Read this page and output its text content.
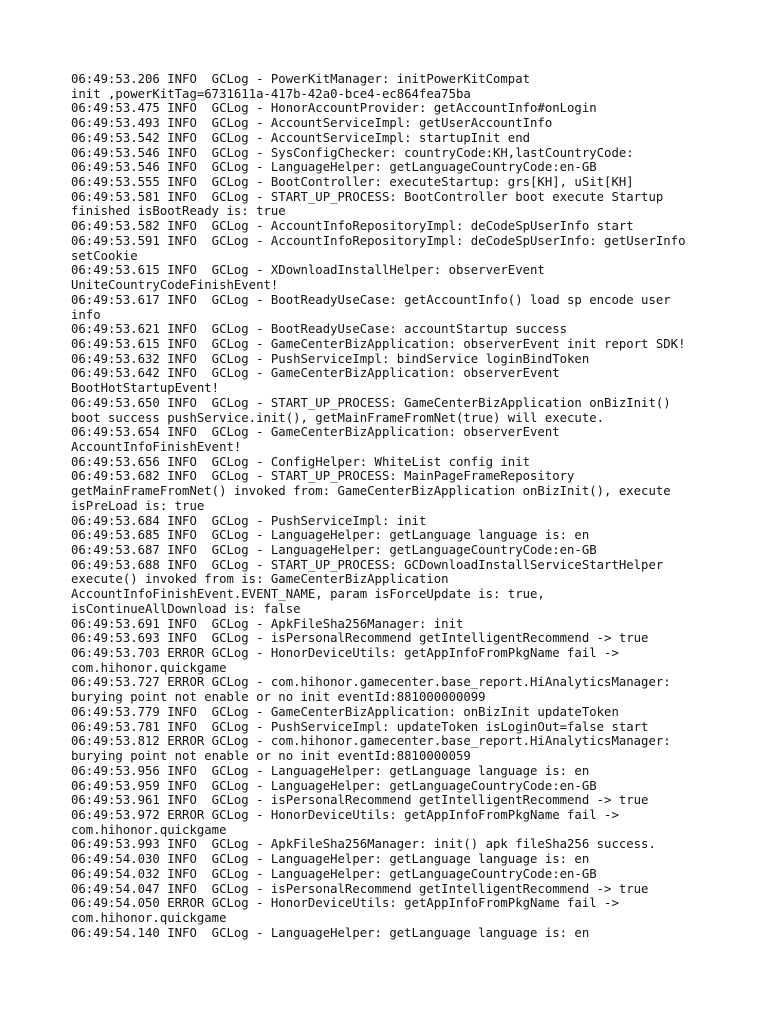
06:49:53.206 INFO  GCLog - PowerKitManager: initPowerKitCompat
init ,powerKitTag=6731611a-417b-42a0-bce4-ec864fea75ba
06:49:53.475 INFO  GCLog - HonorAccountProvider: getAccountInfo#onLogin
06:49:53.493 INFO  GCLog - AccountServiceImpl: getUserAccountInfo
06:49:53.542 INFO  GCLog - AccountServiceImpl: startupInit end
06:49:53.546 INFO  GCLog - SysConfigChecker: countryCode:KH,lastCountryCode:
06:49:53.546 INFO  GCLog - LanguageHelper: getLanguageCountryCode:en-GB
06:49:53.555 INFO  GCLog - BootController: executeStartup: grs[KH], uSit[KH]
06:49:53.581 INFO  GCLog - START_UP_PROCESS: BootController boot execute Startup
finished isBootReady is: true
06:49:53.582 INFO  GCLog - AccountInfoRepositoryImpl: deCodeSpUserInfo start
06:49:53.591 INFO  GCLog - AccountInfoRepositoryImpl: deCodeSpUserInfo: getUserInfo
setCookie
06:49:53.615 INFO  GCLog - XDownloadInstallHelper: observerEvent
UniteCountryCodeFinishEvent!
06:49:53.617 INFO  GCLog - BootReadyUseCase: getAccountInfo() load sp encode user
info
06:49:53.621 INFO  GCLog - BootReadyUseCase: accountStartup success
06:49:53.615 INFO  GCLog - GameCenterBizApplication: observerEvent init report SDK!
06:49:53.632 INFO  GCLog - PushServiceImpl: bindService loginBindToken
06:49:53.642 INFO  GCLog - GameCenterBizApplication: observerEvent
BootHotStartupEvent!
06:49:53.650 INFO  GCLog - START_UP_PROCESS: GameCenterBizApplication onBizInit()
boot success pushService.init(), getMainFrameFromNet(true) will execute.
06:49:53.654 INFO  GCLog - GameCenterBizApplication: observerEvent
AccountInfoFinishEvent!
06:49:53.656 INFO  GCLog - ConfigHelper: WhiteList config init
06:49:53.682 INFO  GCLog - START_UP_PROCESS: MainPageFrameRepository
getMainFrameFromNet() invoked from: GameCenterBizApplication onBizInit(), execute
isPreLoad is: true
06:49:53.684 INFO  GCLog - PushServiceImpl: init
06:49:53.685 INFO  GCLog - LanguageHelper: getLanguage language is: en
06:49:53.687 INFO  GCLog - LanguageHelper: getLanguageCountryCode:en-GB
06:49:53.688 INFO  GCLog - START_UP_PROCESS: GCDownloadInstallServiceStartHelper
execute() invoked from is: GameCenterBizApplication
AccountInfoFinishEvent.EVENT_NAME, param isForceUpdate is: true,
isContinueAllDownload is: false
06:49:53.691 INFO  GCLog - ApkFileSha256Manager: init
06:49:53.693 INFO  GCLog - isPersonalRecommend getIntelligentRecommend -> true
06:49:53.703 ERROR GCLog - HonorDeviceUtils: getAppInfoFromPkgName fail ->
com.hihonor.quickgame
06:49:53.727 ERROR GCLog - com.hihonor.gamecenter.base_report.HiAnalyticsManager:
burying point not enable or no init eventId:881000000099
06:49:53.779 INFO  GCLog - GameCenterBizApplication: onBizInit updateToken
06:49:53.781 INFO  GCLog - PushServiceImpl: updateToken isLoginOut=false start
06:49:53.812 ERROR GCLog - com.hihonor.gamecenter.base_report.HiAnalyticsManager:
burying point not enable or no init eventId:8810000059
06:49:53.956 INFO  GCLog - LanguageHelper: getLanguage language is: en
06:49:53.959 INFO  GCLog - LanguageHelper: getLanguageCountryCode:en-GB
06:49:53.961 INFO  GCLog - isPersonalRecommend getIntelligentRecommend -> true
06:49:53.972 ERROR GCLog - HonorDeviceUtils: getAppInfoFromPkgName fail ->
com.hihonor.quickgame
06:49:53.993 INFO  GCLog - ApkFileSha256Manager: init() apk fileSha256 success.
06:49:54.030 INFO  GCLog - LanguageHelper: getLanguage language is: en
06:49:54.032 INFO  GCLog - LanguageHelper: getLanguageCountryCode:en-GB
06:49:54.047 INFO  GCLog - isPersonalRecommend getIntelligentRecommend -> true
06:49:54.050 ERROR GCLog - HonorDeviceUtils: getAppInfoFromPkgName fail ->
com.hihonor.quickgame
06:49:54.140 INFO  GCLog - LanguageHelper: getLanguage language is: en
